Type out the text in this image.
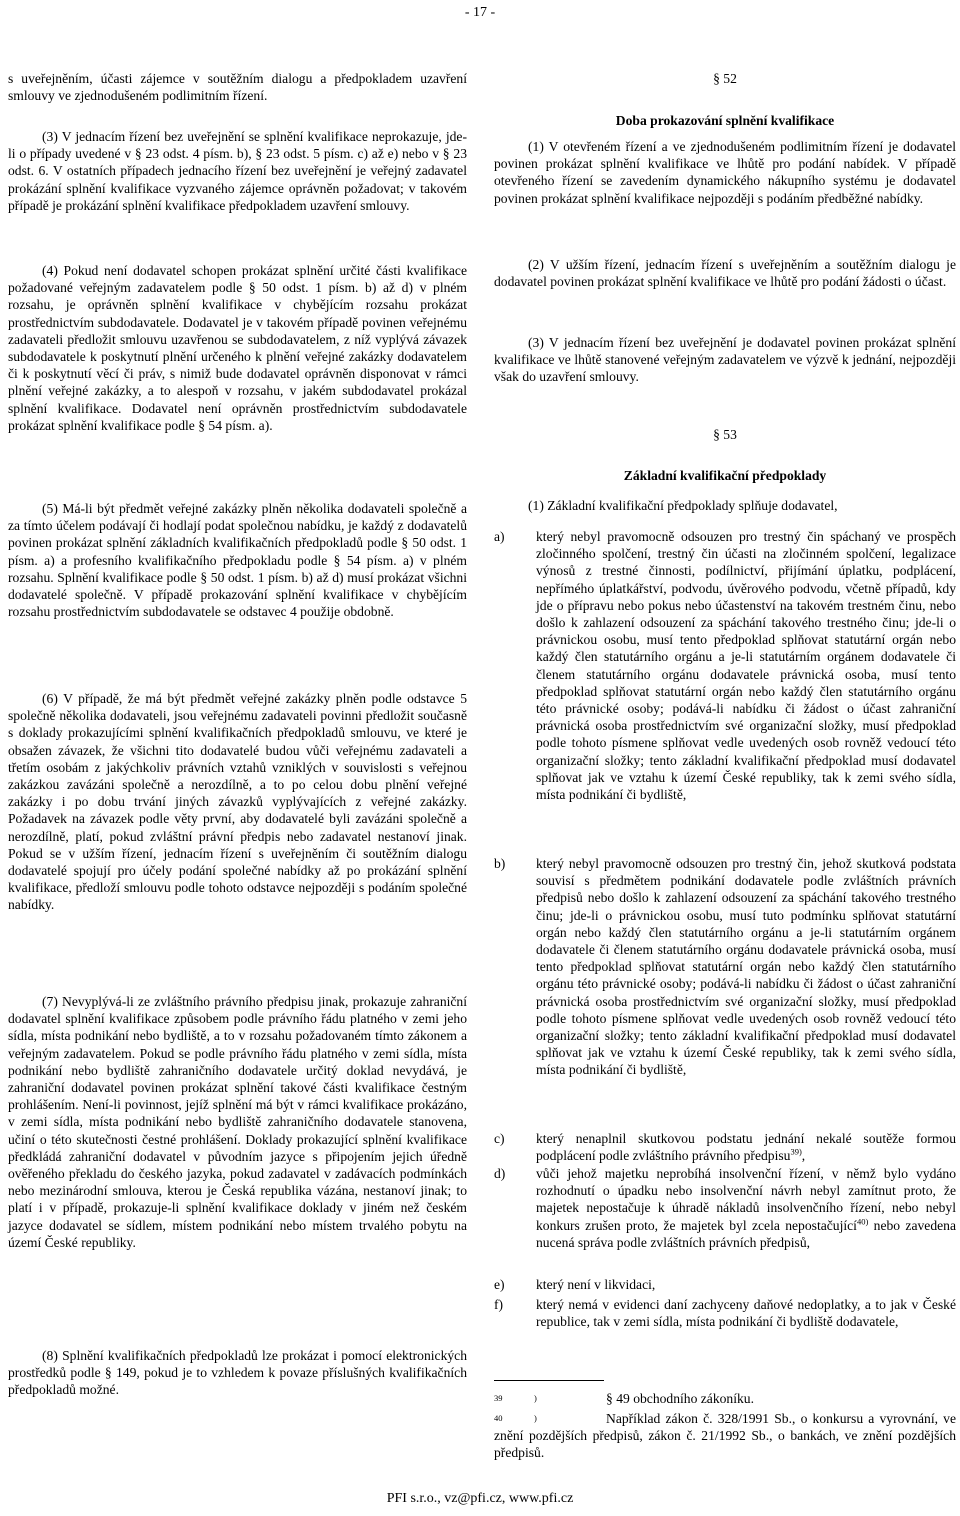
- 17 -

s uveřejněním, účasti zájemce v soutěžním dialogu a předpokladem uzavření smlouvy ve zjednodušeném podlimitním řízení.

(3) V jednacím řízení bez uveřejnění se splnění kvalifikace neprokazuje, jde-li o případy uvedené v § 23 odst. 4 písm. b), § 23 odst. 5 písm. c) až e) nebo v § 23 odst. 6. V ostatních případech jednacího řízení bez uveřejnění je veřejný zadavatel prokázání splnění kvalifikace vyzvaného zájemce oprávněn požadovat; v takovém případě je prokázání splnění kvalifikace předpokladem uzavření smlouvy.

(4) Pokud není dodavatel schopen prokázat splnění určité části kvalifikace požadované veřejným zadavatelem podle § 50 odst. 1 písm. b) až d) v plném rozsahu, je oprávněn splnění kvalifikace v chybějícím rozsahu prokázat prostřednictvím subdodavatele. Dodavatel je v takovém případě povinen veřejnému zadavateli předložit smlouvu uzavřenou se subdodavatelem, z níž vyplývá závazek subdodavatele k poskytnutí plnění určeného k plnění veřejné zakázky dodavatelem či k poskytnutí věcí či práv, s nimiž bude dodavatel oprávněn disponovat v rámci plnění veřejné zakázky, a to alespoň v rozsahu, v jakém subdodavatel prokázal splnění kvalifikace. Dodavatel není oprávněn prostřednictvím subdodavatele prokázat splnění kvalifikace podle § 54 písm. a).

(5) Má-li být předmět veřejné zakázky plněn několika dodavateli společně a za tímto účelem podávají či hodlají podat společnou nabídku, je každý z dodavatelů povinen prokázat splnění základních kvalifikačních předpokladů podle § 50 odst. 1 písm. a) a profesního kvalifikačního předpokladu podle § 54 písm. a) v plném rozsahu. Splnění kvalifikace podle § 50 odst. 1 písm. b) až d) musí prokázat všichni dodavatelé společně. V případě prokazování splnění kvalifikace v chybějícím rozsahu prostřednictvím subdodavatele se odstavec 4 použije obdobně.

(6) V případě, že má být předmět veřejné zakázky plněn podle odstavce 5 společně několika dodavateli, jsou veřejnému zadavateli povinni předložit současně s doklady prokazujícími splnění kvalifikačních předpokladů smlouvu, ve které je obsažen závazek, že všichni tito dodavatelé budou vůči veřejnému zadavateli a třetím osobám z jakýchkoliv právních vztahů vzniklých v souvislosti s veřejnou zakázkou zavázáni společně a nerozdílně, a to po celou dobu plnění veřejné zakázky i po dobu trvání jiných závazků vyplývajících z veřejné zakázky. Požadavek na závazek podle věty první, aby dodavatelé byli zavázáni společně a nerozdílně, platí, pokud zvláštní právní předpis nebo zadavatel nestanoví jinak. Pokud se v užším řízení, jednacím řízení s uveřejněním či soutěžním dialogu dodavatelé spojují pro účely podání společné nabídky až po prokázání splnění kvalifikace, předloží smlouvu podle tohoto odstavce nejpozději s podáním společné nabídky.

(7) Nevyplývá-li ze zvláštního právního předpisu jinak, prokazuje zahraniční dodavatel splnění kvalifikace způsobem podle právního řádu platného v zemi jeho sídla, místa podnikání nebo bydliště, a to v rozsahu požadovaném tímto zákonem a veřejným zadavatelem. Pokud se podle právního řádu platného v zemi sídla, místa podnikání nebo bydliště zahraničního dodavatele určitý doklad nevydává, je zahraniční dodavatel povinen prokázat splnění takové části kvalifikace čestným prohlášením. Není-li povinnost, jejíž splnění má být v rámci kvalifikace prokázáno, v zemi sídla, místa podnikání nebo bydliště zahraničního dodavatele stanovena, učiní o této skutečnosti čestné prohlášení. Doklady prokazující splnění kvalifikace předkládá zahraniční dodavatel v původním jazyce s připojením jejich úředně ověřeného překladu do českého jazyka, pokud zadavatel v zadávacích podmínkách nebo mezinárodní smlouva, kterou je Česká republika vázána, nestanoví jinak; to platí i v případě, prokazuje-li splnění kvalifikace doklady v jiném než českém jazyce dodavatel se sídlem, místem podnikání nebo místem trvalého pobytu na území České republiky.

(8) Splnění kvalifikačních předpokladů lze prokázat i pomocí elektronických prostředků podle § 149, pokud je to vzhledem k povaze příslušných kvalifikačních předpokladů možné.

§ 52
Doba prokazování splnění kvalifikace

(1) V otevřeném řízení a ve zjednodušeném podlimitním řízení je dodavatel povinen prokázat splnění kvalifikace ve lhůtě pro podání nabídek. V případě otevřeného řízení se zavedením dynamického nákupního systému je dodavatel povinen prokázat splnění kvalifikace nejpozději s podáním předběžné nabídky.

(2) V užším řízení, jednacím řízení s uveřejněním a soutěžním dialogu je dodavatel povinen prokázat splnění kvalifikace ve lhůtě pro podání žádosti o účast.

(3) V jednacím řízení bez uveřejnění je dodavatel povinen prokázat splnění kvalifikace ve lhůtě stanovené veřejným zadavatelem ve výzvě k jednání, nejpozději však do uzavření smlouvy.

§ 53
Základní kvalifikační předpoklady

(1) Základní kvalifikační předpoklady splňuje dodavatel,

a) který nebyl pravomocně odsouzen pro trestný čin spáchaný ve prospěch zločinného spolčení, trestný čin účasti na zločinném spolčení, legalizace výnosů z trestné činnosti, podílnictví, přijímání úplatku, podplácení, nepřímého úplatkářství, podvodu, úvěrového podvodu, včetně případů, kdy jde o přípravu nebo pokus nebo účastenství na takovém trestném činu, nebo došlo k zahlazení odsouzení za spáchání takového trestného činu; jde-li o právnickou osobu, musí tento předpoklad splňovat statutární orgán nebo každý člen statutárního orgánu a je-li statutárním orgánem dodavatele či členem statutárního orgánu dodavatele právnická osoba, musí tento předpoklad splňovat statutární orgán nebo každý člen statutárního orgánu této právnické osoby; podává-li nabídku či žádost o účast zahraniční právnická osoba prostřednictvím své organizační složky, musí předpoklad podle tohoto písmene splňovat vedle uvedených osob rovněž vedoucí této organizační složky; tento základní kvalifikační předpoklad musí dodavatel splňovat jak ve vztahu k území České republiky, tak k zemi svého sídla, místa podnikání či bydliště,

b) který nebyl pravomocně odsouzen pro trestný čin, jehož skutková podstata souvisí s předmětem podnikání dodavatele podle zvláštních právních předpisů nebo došlo k zahlazení odsouzení za spáchání takového trestného činu; jde-li o právnickou osobu, musí tuto podmínku splňovat statutární orgán nebo každý člen statutárního orgánu a je-li statutárním orgánem dodavatele či členem statutárního orgánu dodavatele právnická osoba, musí tento předpoklad splňovat statutární orgán nebo každý člen statutárního orgánu této právnické osoby; podává-li nabídku či žádost o účast zahraniční právnická osoba prostřednictvím své organizační složky, musí předpoklad podle tohoto písmene splňovat vedle uvedených osob rovněž vedoucí této organizační složky; tento základní kvalifikační předpoklad musí dodavatel splňovat jak ve vztahu k území České republiky, tak k zemi svého sídla, místa podnikání či bydliště,

c) který nenaplnil skutkovou podstatu jednání nekalé soutěže formou podplácení podle zvláštního právního předpisu$^{39)}$,

d) vůči jehož majetku neprobíhá insolvenční řízení, v němž bylo vydáno rozhodnutí o úpadku nebo insolvenční návrh nebyl zamítnut proto, že majetek nepostačuje k úhradě nákladů insolvenčního řízení, nebo nebyl konkurs zrušen proto, že majetek byl zcela nepostačující$^{40)}$ nebo zavedena nucená správa podle zvláštních právních předpisů,

e) který není v likvidaci,

f) který nemá v evidenci daní zachyceny daňové nedoplatky, a to jak v České republice, tak v zemi sídla, místa podnikání či bydliště dodavatele,

39	)	§ 49 obchodního zákoníku.
40	)	Například zákon č. 328/1991 Sb., o konkursu a vyrovnání, ve znění pozdějších předpisů, zákon č. 21/1992 Sb., o bankách, ve znění pozdějších předpisů.
PFI s.r.o., vz@pfi.cz, www.pfi.cz
